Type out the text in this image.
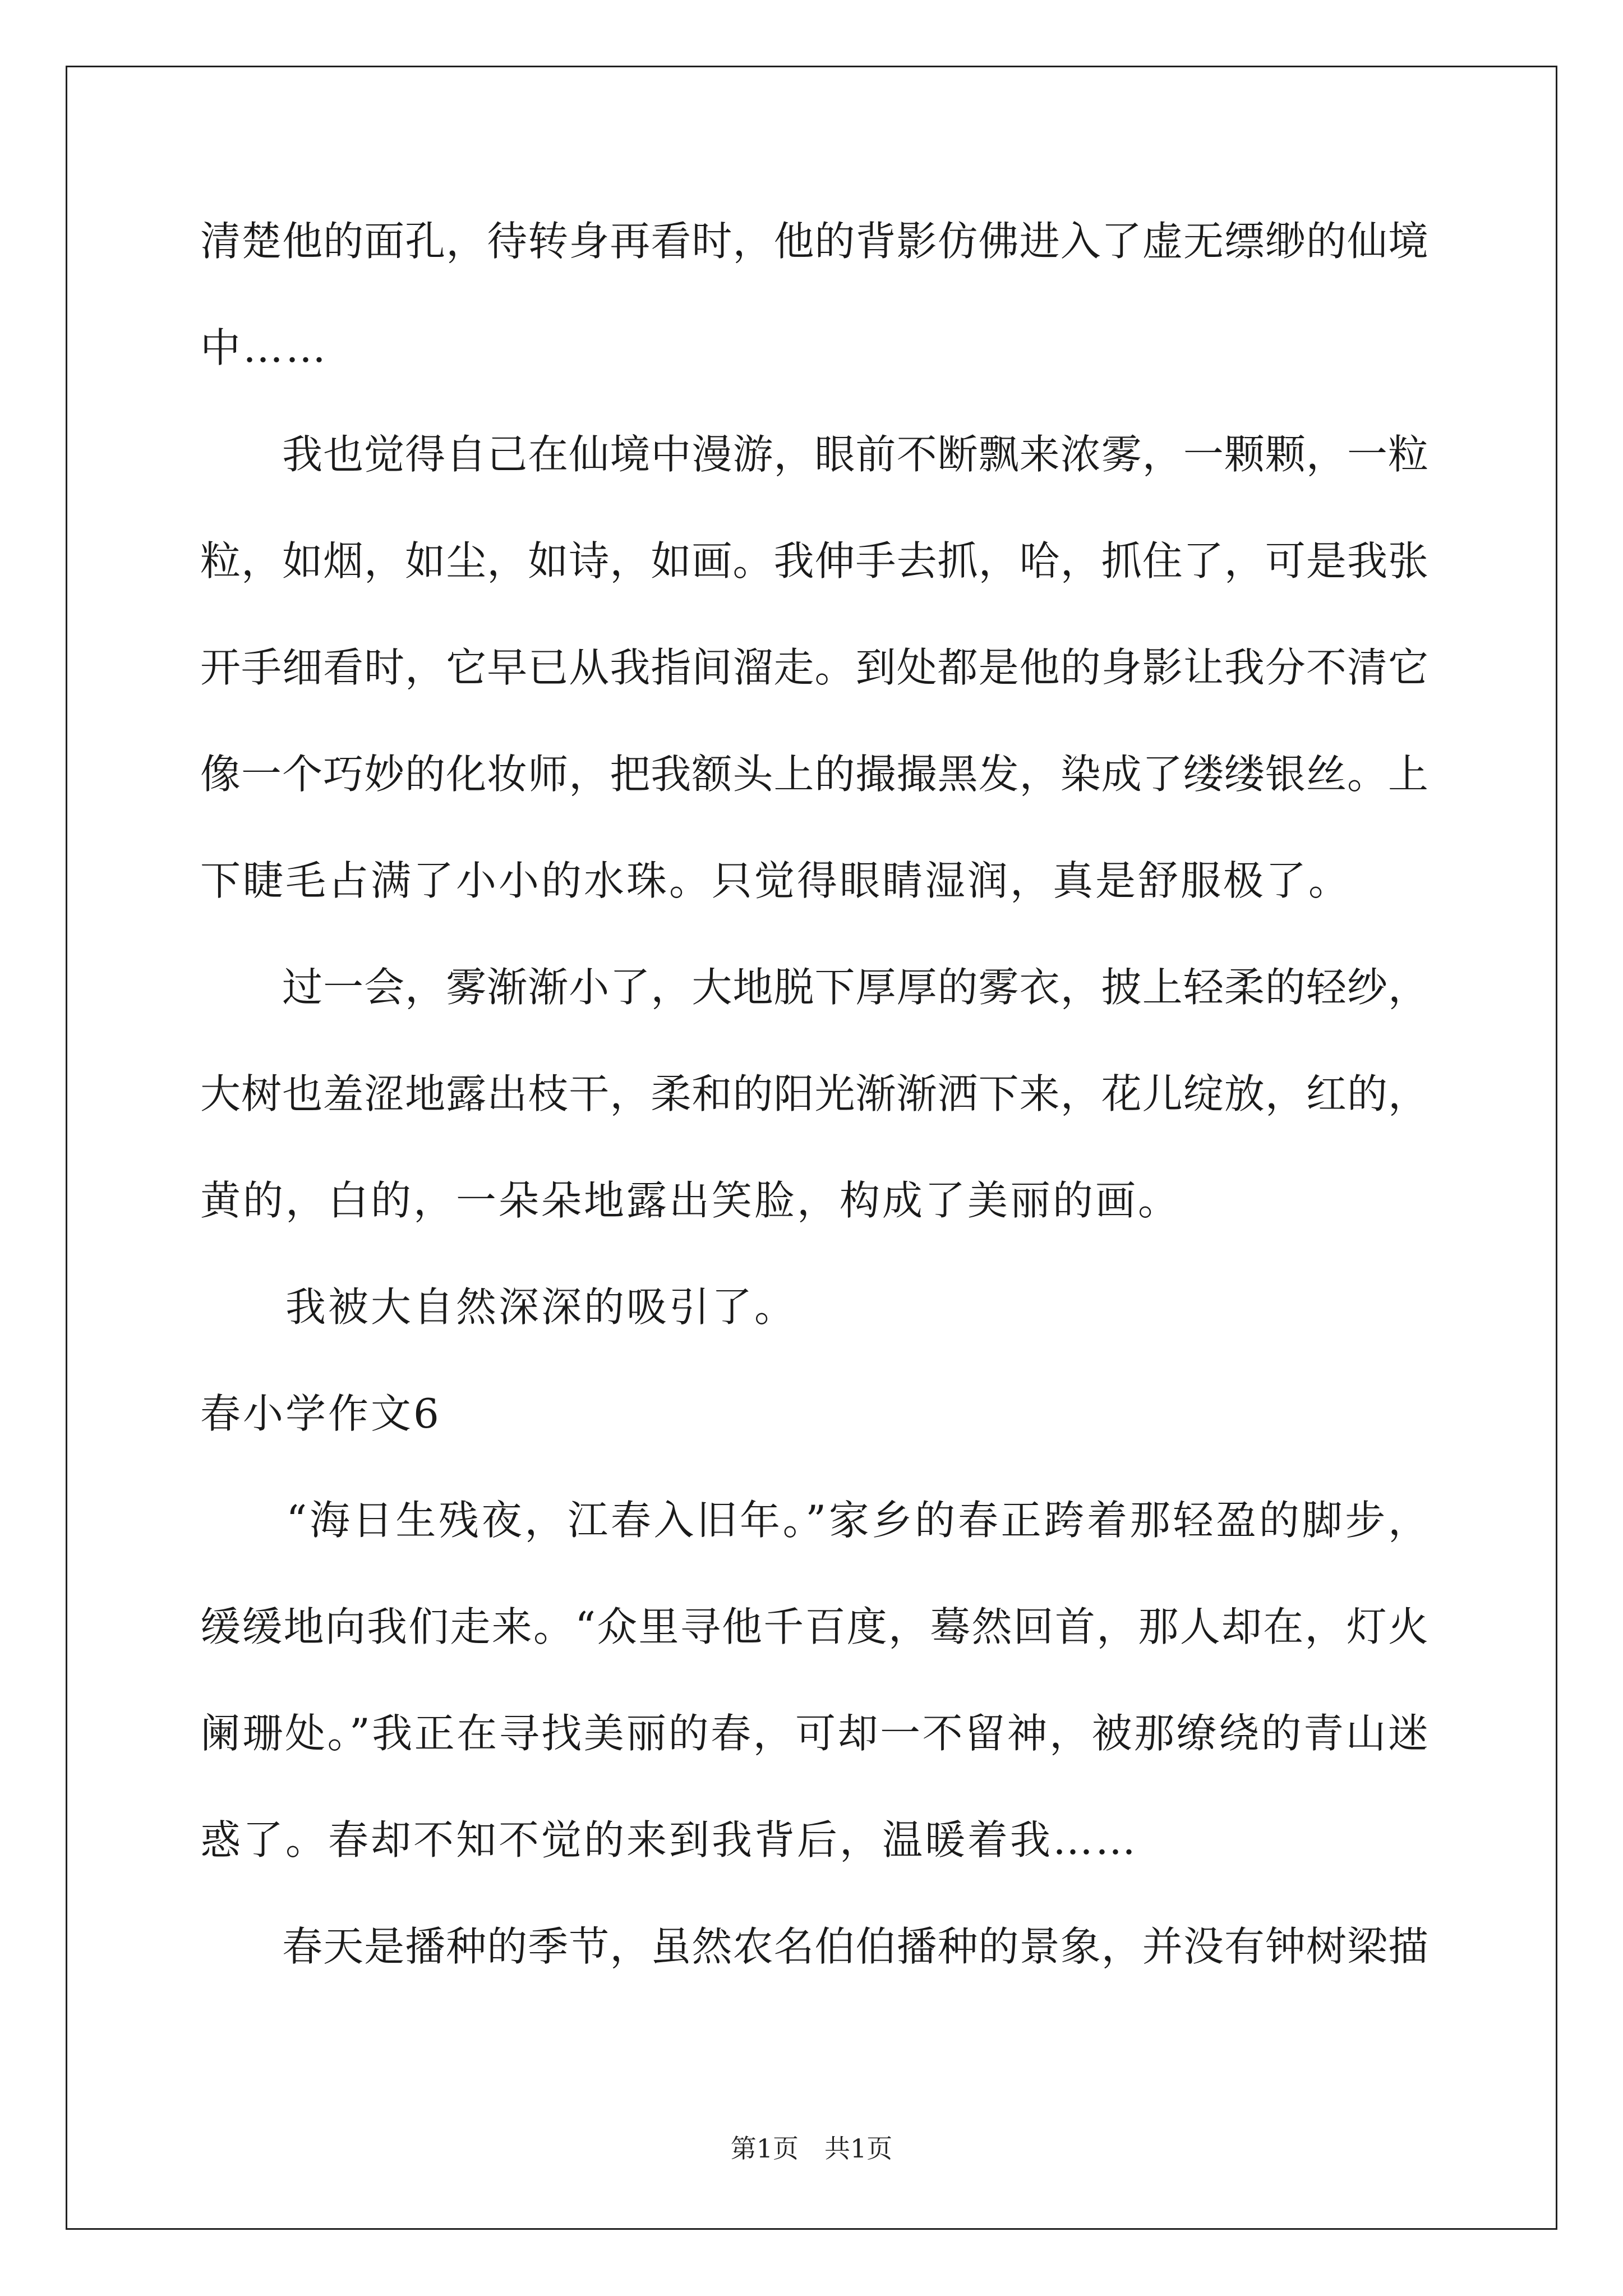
清楚他的面孔，待转身再看时，他的背影仿佛进入了虚无缥缈的仙境
中……
　　我也觉得自己在仙境中漫游，眼前不断飘来浓雾，一颗颗，一粒
粒，如烟，如尘，如诗，如画。我伸手去抓，哈，抓住了，可是我张
开手细看时，它早已从我指间溜走。到处都是他的身影让我分不清它
像一个巧妙的化妆师，把我额头上的撮撮黑发，染成了缕缕银丝。上
下睫毛占满了小小的水珠。只觉得眼睛湿润，真是舒服极了。
　　过一会，雾渐渐小了，大地脱下厚厚的雾衣，披上轻柔的轻纱，
大树也羞涩地露出枝干，柔和的阳光渐渐洒下来，花儿绽放，红的，
黄的，白的，一朵朵地露出笑脸，构成了美丽的画。
　　我被大自然深深的吸引了。
春小学作文6
　　“海日生残夜，江春入旧年。”家乡的春正跨着那轻盈的脚步，
缓缓地向我们走来。“众里寻他千百度，蓦然回首，那人却在，灯火
阑珊处。”我正在寻找美丽的春，可却一不留神，被那缭绕的青山迷
惑了。春却不知不觉的来到我背后，温暖着我……
　　春天是播种的季节，虽然农名伯伯播种的景象，并没有钟树梁描
第1页　共1页
